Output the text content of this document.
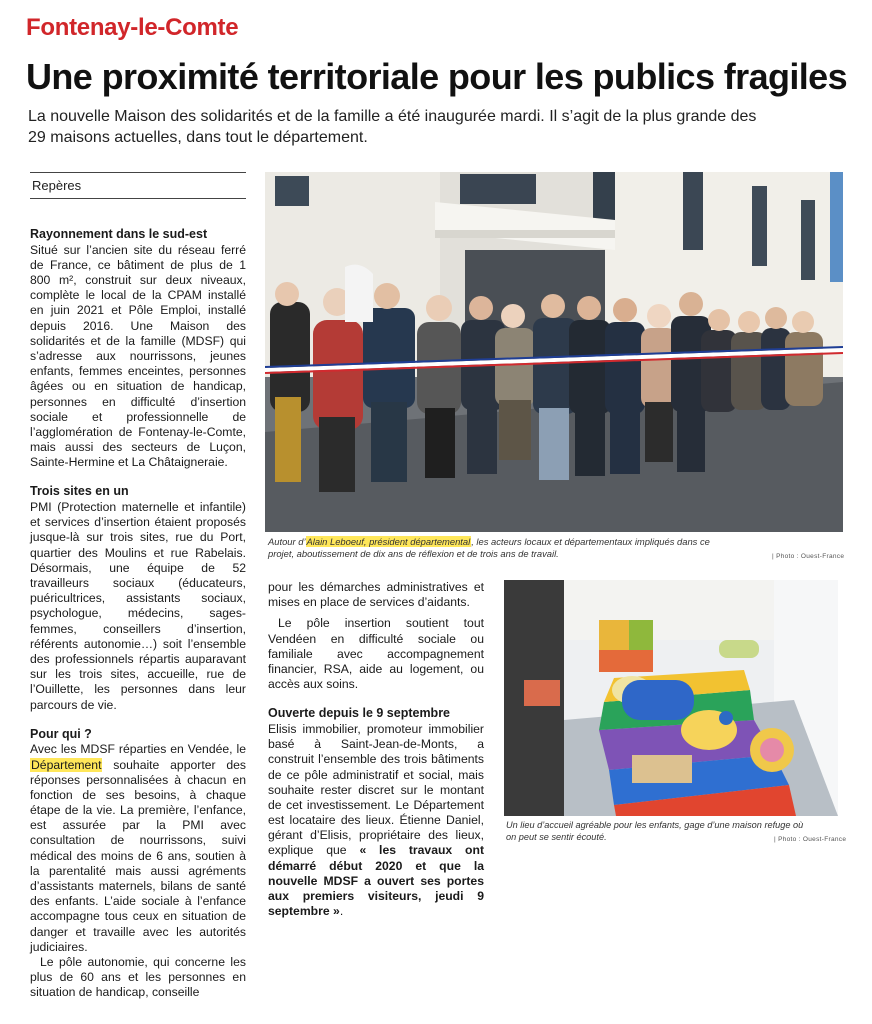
Fontenay-le-Comte
Une proximité territoriale pour les publics fragiles

La nouvelle Maison des solidarités et de la famille a été inaugurée mardi. Il s’agit de la plus grande des 29 maisons actuelles, dans tout le département.

Repères
Rayonnement dans le sud-est

Situé sur l’ancien site du réseau ferré de France, ce bâtiment de plus de 1 800 m², construit sur deux niveaux, complète le local de la CPAM installé en juin 2021 et Pôle Emploi, installé depuis 2016. Une Maison des solidarités et de la famille (MDSF) qui s’adresse aux nourrissons, jeunes enfants, femmes enceintes, personnes âgées ou en situation de handicap, personnes en difficulté d’insertion sociale et professionnelle de l’agglomération de Fontenay-le-Comte, mais aussi des secteurs de Luçon, Sainte-Hermine et La Châtaigneraie.

Trois sites en un

PMI (Protection maternelle et infantile) et services d’insertion étaient proposés jusque-là sur trois sites, rue du Port, quartier des Moulins et rue Rabelais. Désormais, une équipe de 52 travailleurs sociaux (éducateurs, puéricultrices, assistants sociaux, psychologue, médecins, sages-femmes, conseillers d’insertion, référents autonomie…) soit l’ensemble des professionnels répartis auparavant sur les trois sites, accueille, rue de l’Ouillette, les personnes dans leur parcours de vie.

Pour qui ?

Avec les MDSF réparties en Vendée, le Département souhaite apporter des réponses personnalisées à chacun en fonction de ses besoins, à chaque étape de la vie. La première, l’enfance, est assurée par la PMI avec consultation de nourrissons, suivi médical des moins de 6 ans, soutien à la parentalité mais aussi agréments d’assistants maternels, bilans de santé des enfants. L’aide sociale à l’enfance accompagne tous ceux en situation de danger et travaille avec les autorités judiciaires.

Le pôle autonomie, qui concerne les plus de 60 ans et les personnes en situation de handicap, conseille

Autour d’Alain Leboeuf, président départemental, les acteurs locaux et départementaux impliqués dans ce projet, aboutissement de dix ans de réflexion et de trois ans de travail.	| Photo : Ouest-France

pour les démarches administratives et mises en place de services d’aidants.

Le pôle insertion soutient tout Vendéen en difficulté sociale ou familiale avec accompagnement financier, RSA, aide au logement, ou accès aux soins.

Ouverte depuis le 9 septembre

Elisis immobilier, promoteur immobilier basé à Saint-Jean-de-Monts, a construit l’ensemble des trois bâtiments de ce pôle administratif et social, mais souhaite rester discret sur le montant de cet investissement. Le Département est locataire des lieux. Étienne Daniel, gérant d’Elisis, propriétaire des lieux, explique que « les travaux ont démarré début 2020 et que la nouvelle MDSF a ouvert ses portes aux premiers visiteurs, jeudi 9 septembre ».

Un lieu d’accueil agréable pour les enfants, gage d’une maison refuge où on peut se sentir écouté.	| Photo : Ouest-France
